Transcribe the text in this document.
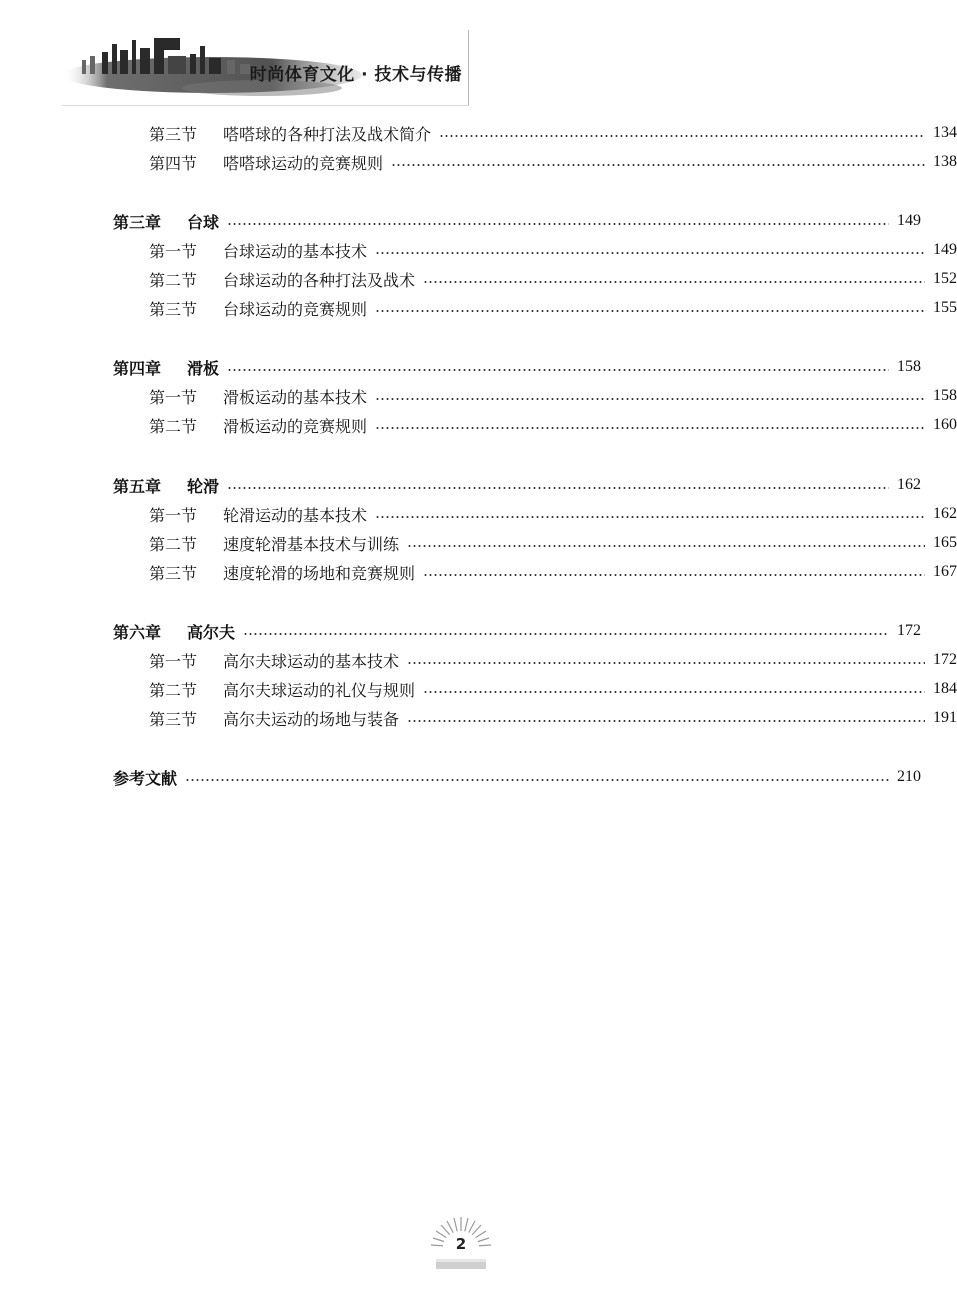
时尚体育文化 · 技术与传播
第三节	嗒嗒球的各种打法及战术简介	134
第四节	嗒嗒球运动的竞赛规则	138
第三章	台球	149
第一节	台球运动的基本技术	149
第二节	台球运动的各种打法及战术	152
第三节	台球运动的竞赛规则	155
第四章	滑板	158
第一节	滑板运动的基本技术	158
第二节	滑板运动的竞赛规则	160
第五章	轮滑	162
第一节	轮滑运动的基本技术	162
第二节	速度轮滑基本技术与训练	165
第三节	速度轮滑的场地和竞赛规则	167
第六章	高尔夫	172
第一节	高尔夫球运动的基本技术	172
第二节	高尔夫球运动的礼仪与规则	184
第三节	高尔夫运动的场地与装备	191
参考文献	210
2
